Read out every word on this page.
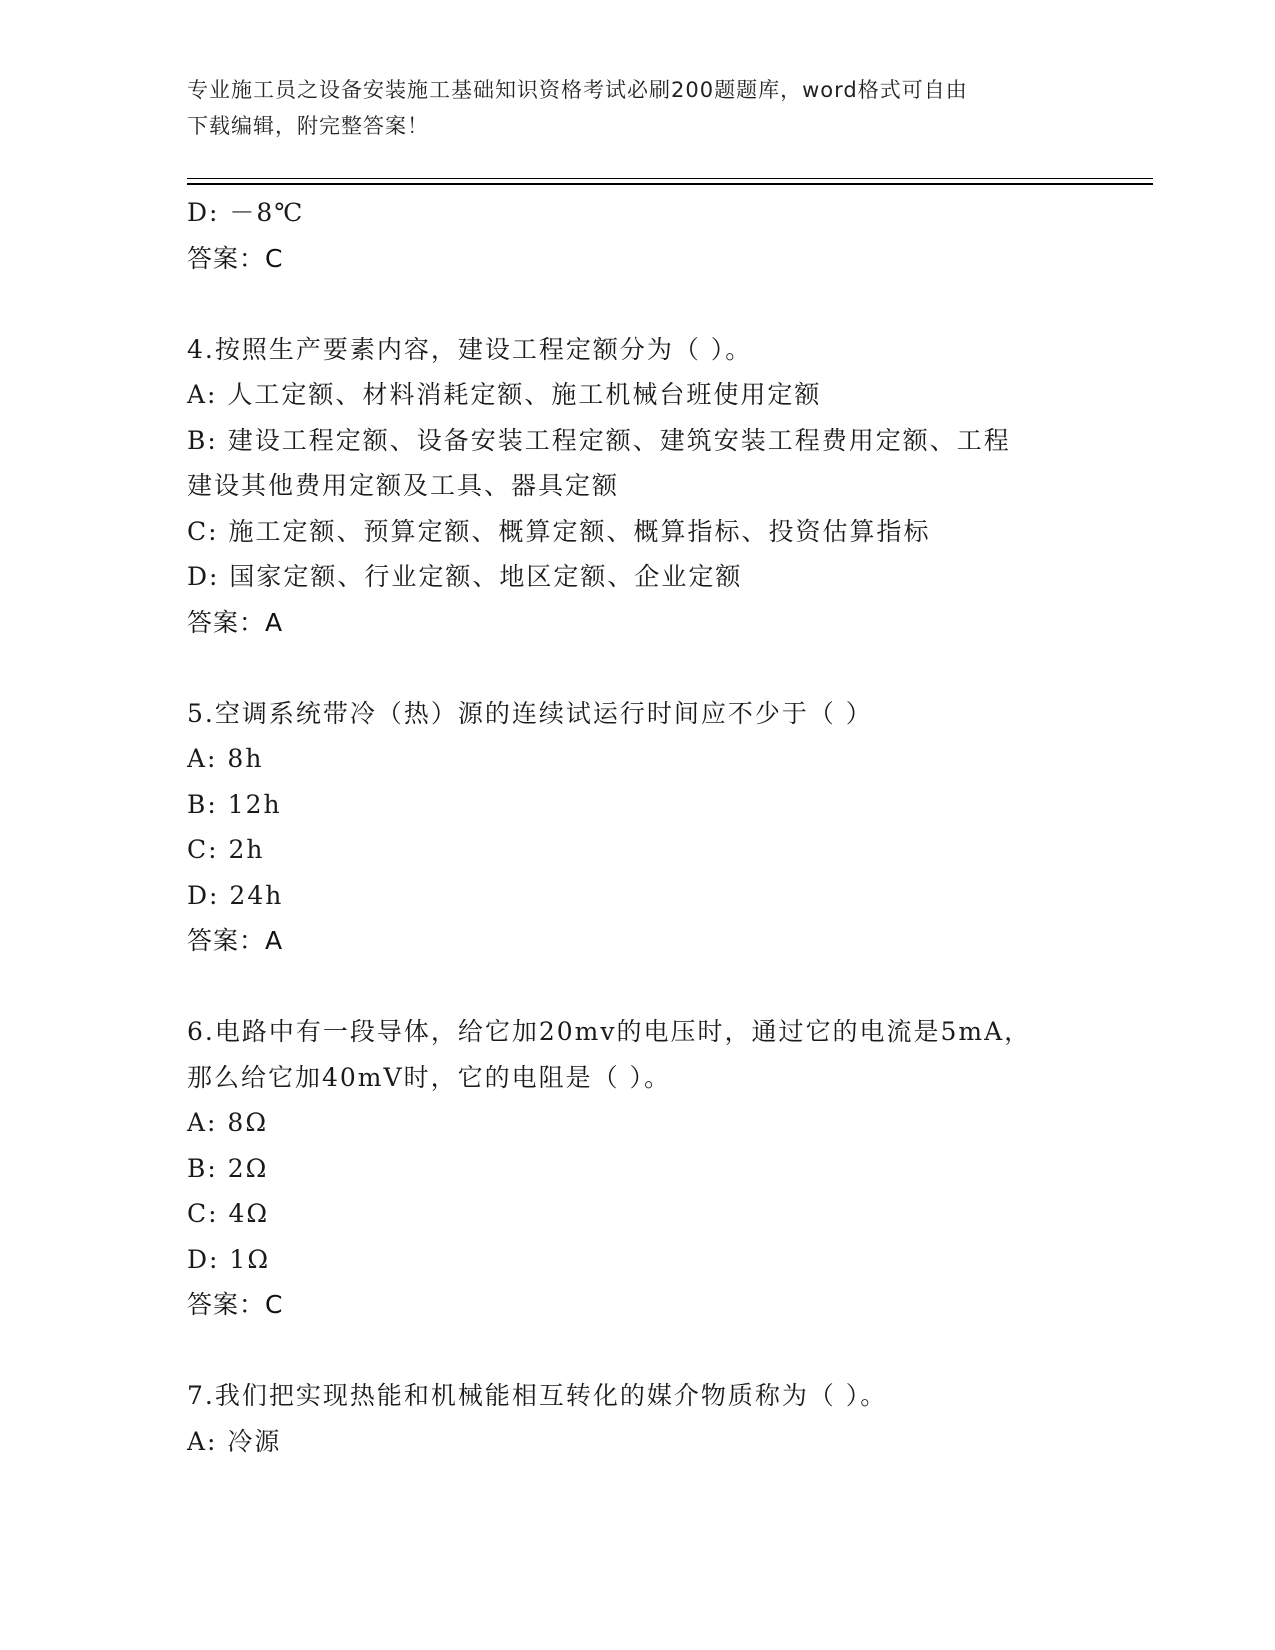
专业施工员之设备安装施工基础知识资格考试必刷200题题库，word格式可自由
下载编辑，附完整答案！
D: －8℃
答案：C
4.按照生产要素内容，建设工程定额分为（ ）。
A: 人工定额、材料消耗定额、施工机械台班使用定额
B: 建设工程定额、设备安装工程定额、建筑安装工程费用定额、工程
建设其他费用定额及工具、器具定额
C: 施工定额、预算定额、概算定额、概算指标、投资估算指标
D: 国家定额、行业定额、地区定额、企业定额
答案：A
5.空调系统带冷（热）源的连续试运行时间应不少于（ ）
A: 8h
B: 12h
C: 2h
D: 24h
答案：A
6.电路中有一段导体，给它加20mv的电压时，通过它的电流是5mA，
那么给它加40mV时，它的电阻是（ ）。
A: 8Ω
B: 2Ω
C: 4Ω
D: 1Ω
答案：C
7.我们把实现热能和机械能相互转化的媒介物质称为（ ）。
A: 冷源
